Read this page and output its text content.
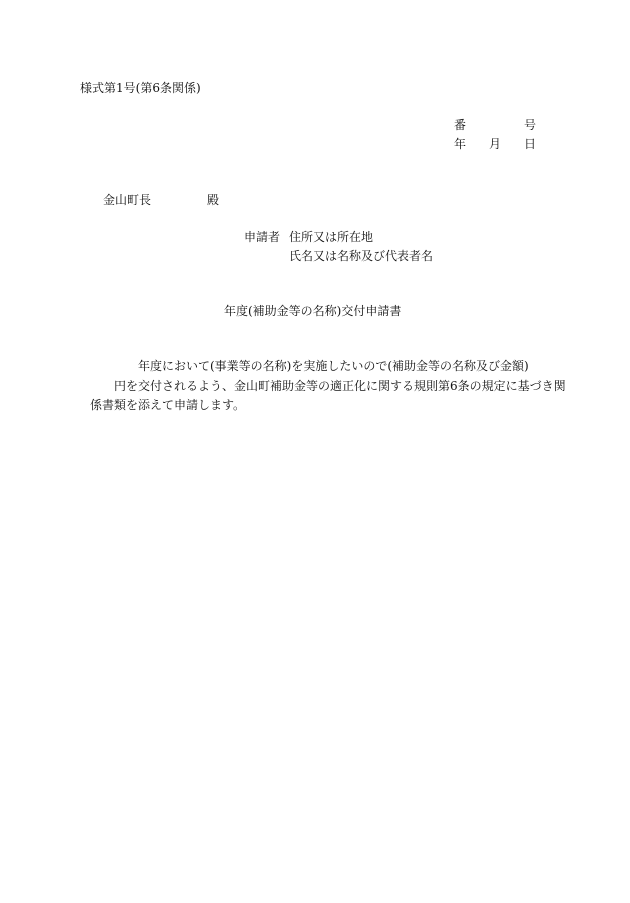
様式第1号(第6条関係)
番	号
年 月 日
金山町長	殿
申請者 住所又は所在地
氏名又は名称及び代表者名
年度(補助金等の名称)交付申請書
年度において(事業等の名称)を実施したいので(補助金等の名称及び金額)
円を交付されるよう、金山町補助金等の適正化に関する規則第6条の規定に基づき関
係書類を添えて申請します。
